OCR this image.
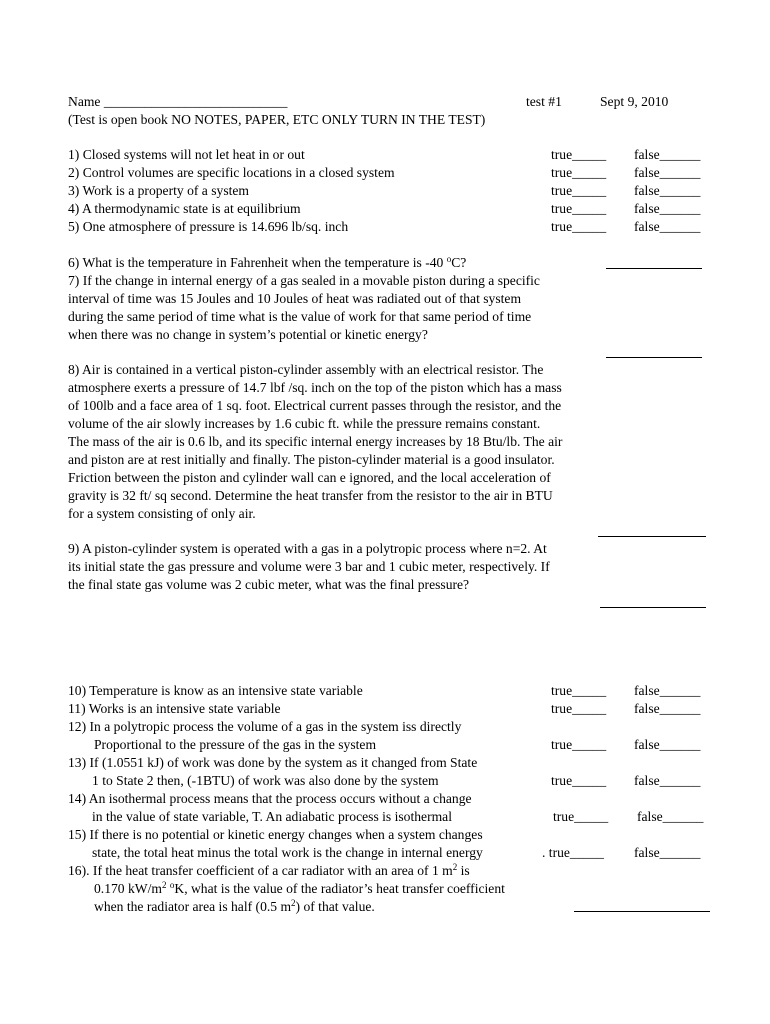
Name ___________________________	test #1	Sept 9, 2010
(Test is open book NO NOTES, PAPER, ETC ONLY TURN IN THE TEST)
1) Closed systems will not let heat in or out	true_____ false______
2) Control volumes are specific locations in a closed system	true_____ false______
3) Work is a property of a system	true_____ false______
4) A thermodynamic state is at equilibrium	true_____ false______
5) One atmosphere of pressure is 14.696 lb/sq. inch	true_____ false______
6) What is the temperature in Fahrenheit when the temperature is -40 $^o$C?
7) If the change in internal energy of a gas sealed in a movable piston during a specific
interval of time was 15 Joules and 10 Joules of heat was radiated out of that system
during the same period of time what is the value of work for that same period of time
when there was no change in system’s potential or kinetic energy?
8) Air is contained in a vertical piston-cylinder assembly with an electrical resistor. The
atmosphere exerts a pressure of 14.7 lbf /sq. inch on the top of the piston which has a mass
of 100lb and a face area of 1 sq. foot. Electrical current passes through the resistor, and the
volume of the air slowly increases by 1.6 cubic ft. while the pressure remains constant.
The mass of the air is 0.6 lb, and its specific internal energy increases by 18 Btu/lb. The air
and piston are at rest initially and finally. The piston-cylinder material is a good insulator.
Friction between the piston and cylinder wall can e ignored, and the local acceleration of
gravity is 32 ft/ sq second. Determine the heat transfer from the resistor to the air in BTU
for a system consisting of only air.
9) A piston-cylinder system is operated with a gas in a polytropic process where n=2. At
its initial state the gas pressure and volume were 3 bar and 1 cubic meter, respectively. If
the final state gas volume was 2 cubic meter, what was the final pressure?
10) Temperature is know as an intensive state variable	true_____ false______
11) Works is an intensive state variable	true_____ false______
12) In a polytropic process the volume of a gas in the system iss directly
Proportional to the pressure of the gas in the system	true_____ false______
13) If (1.0551 kJ) of work was done by the system as it changed from State
1 to State 2 then, (-1BTU) of work was also done by the system	true_____ false______
14) An isothermal process means that the process occurs without a change
in the value of state variable, T. An adiabatic process is isothermal	true_____ false______
15) If there is no potential or kinetic energy changes when a system changes
state, the total heat minus the total work is the change in internal energy	. true_____ false______
16). If the heat transfer coefficient of a car radiator with an area of 1 $m^2$ is
0.170 $kW/m^2$ $^o$K, what is the value of the radiator’s heat transfer coefficient
when the radiator area is half (0.5 $m^2$) of that value.
